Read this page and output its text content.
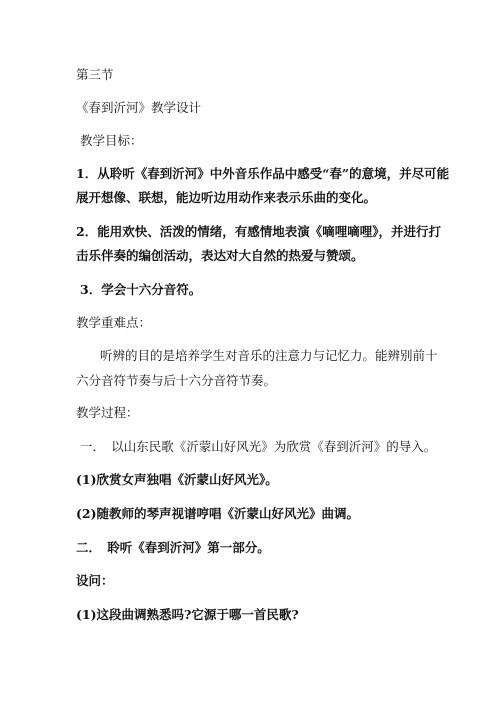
第三节
《春到沂河》教学设计
教学目标：
1．从聆听《春到沂河》中外音乐作品中感受“春”的意境，并尽可能
展开想像、联想，能边听边用动作来表示乐曲的变化。
2．能用欢快、活泼的情绪，有感情地表演《嘀哩嘀哩》，并进行打
击乐伴奏的编创活动，表达对大自然的热爱与赞颂。
3．学会十六分音符。
教学重难点：
听辨的目的是培养学生对音乐的注意力与记忆力。能辨别前十
六分音符节奏与后十六分音符节奏。
教学过程：
一．　以山东民歌《沂蒙山好风光》为欣赏《春到沂河》的导入。
(1)欣赏女声独唱《沂蒙山好风光》。
(2)随教师的琴声视谱哼唱《沂蒙山好风光》曲调。
二．　聆听《春到沂河》第一部分。
设问：
(1)这段曲调熟悉吗?它源于哪一首民歌?
